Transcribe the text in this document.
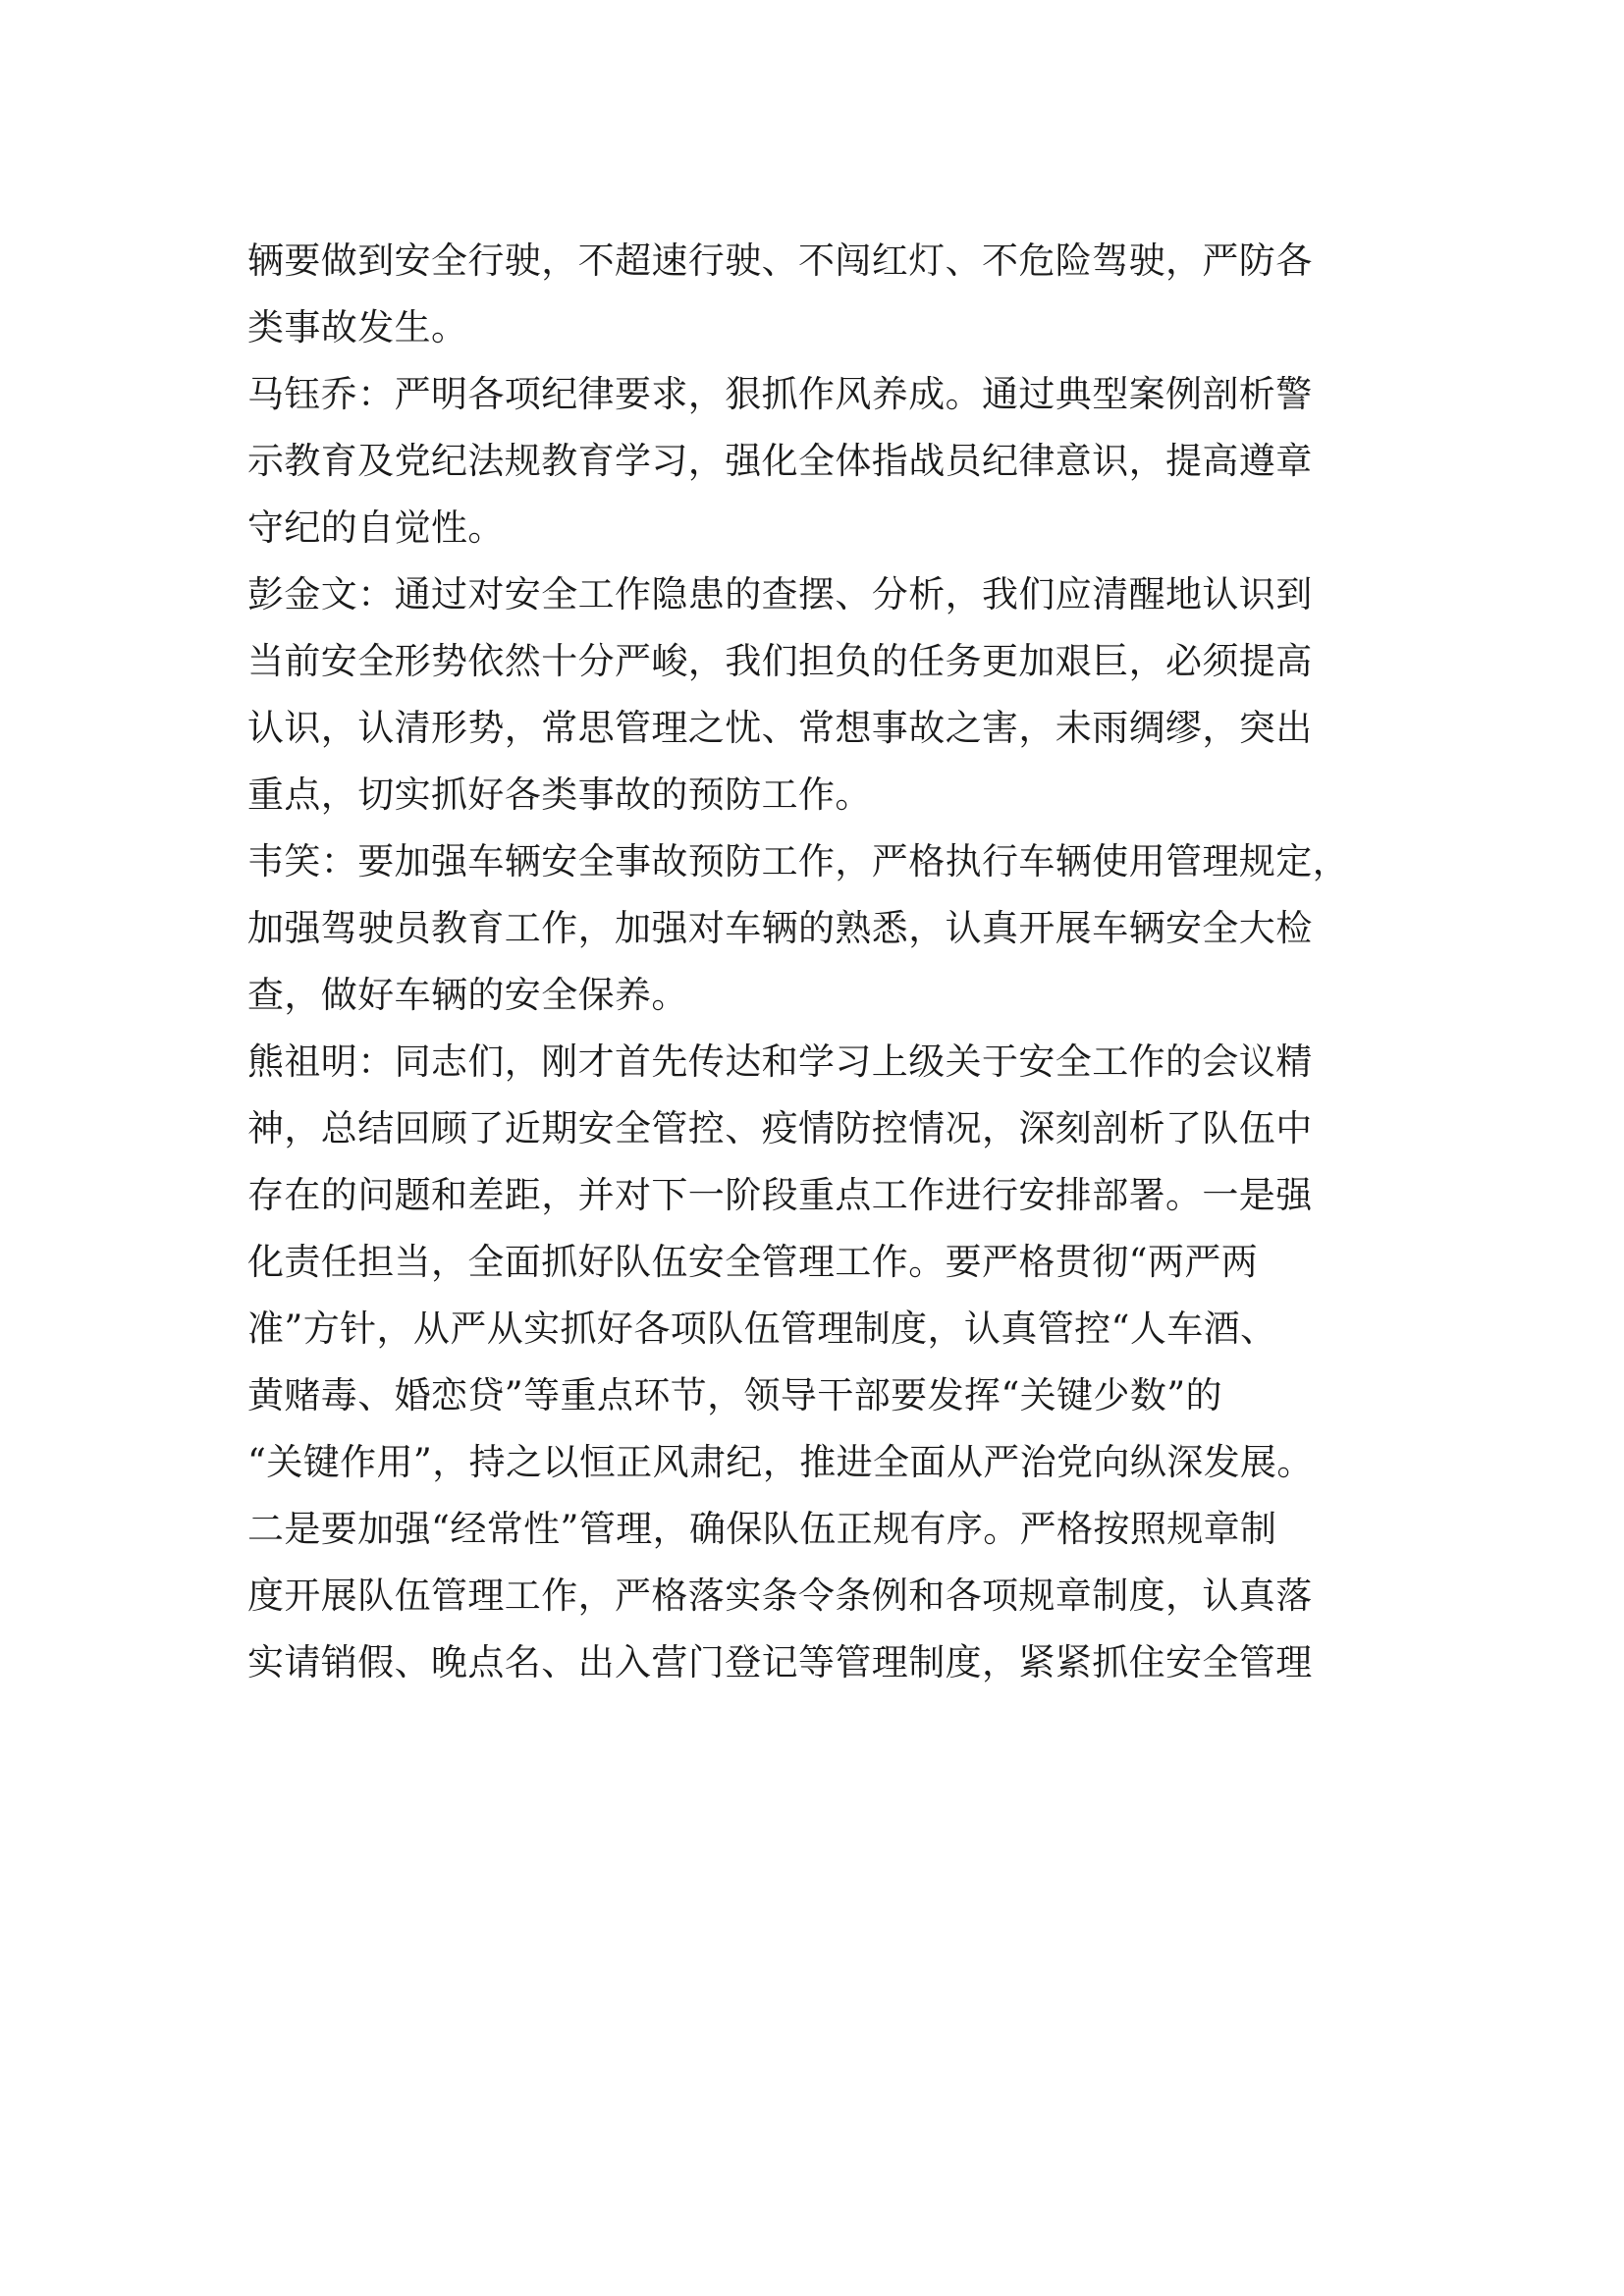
辆要做到安全行驶，不超速行驶、不闯红灯、不危险驾驶，严防各
类事故发生。
马钰乔：严明各项纪律要求，狠抓作风养成。通过典型案例剖析警
示教育及党纪法规教育学习，强化全体指战员纪律意识，提高遵章
守纪的自觉性。
彭金文：通过对安全工作隐患的查摆、分析，我们应清醒地认识到
当前安全形势依然十分严峻，我们担负的任务更加艰巨，必须提高
认识，认清形势，常思管理之忧、常想事故之害，未雨绸缪，突出
重点，切实抓好各类事故的预防工作。
韦笑：要加强车辆安全事故预防工作，严格执行车辆使用管理规定，
加强驾驶员教育工作，加强对车辆的熟悉，认真开展车辆安全大检
查，做好车辆的安全保养。
熊祖明：同志们，刚才首先传达和学习上级关于安全工作的会议精
神，总结回顾了近期安全管控、疫情防控情况，深刻剖析了队伍中
存在的问题和差距，并对下一阶段重点工作进行安排部署。一是强
化责任担当，全面抓好队伍安全管理工作。要严格贯彻“两严两
准”方针，从严从实抓好各项队伍管理制度，认真管控“人车酒、
黄赌毒、婚恋贷”等重点环节，领导干部要发挥“关键少数”的
“关键作用”，持之以恒正风肃纪，推进全面从严治党向纵深发展。
二是要加强“经常性”管理，确保队伍正规有序。严格按照规章制
度开展队伍管理工作，严格落实条令条例和各项规章制度，认真落
实请销假、晚点名、出入营门登记等管理制度，紧紧抓住安全管理
